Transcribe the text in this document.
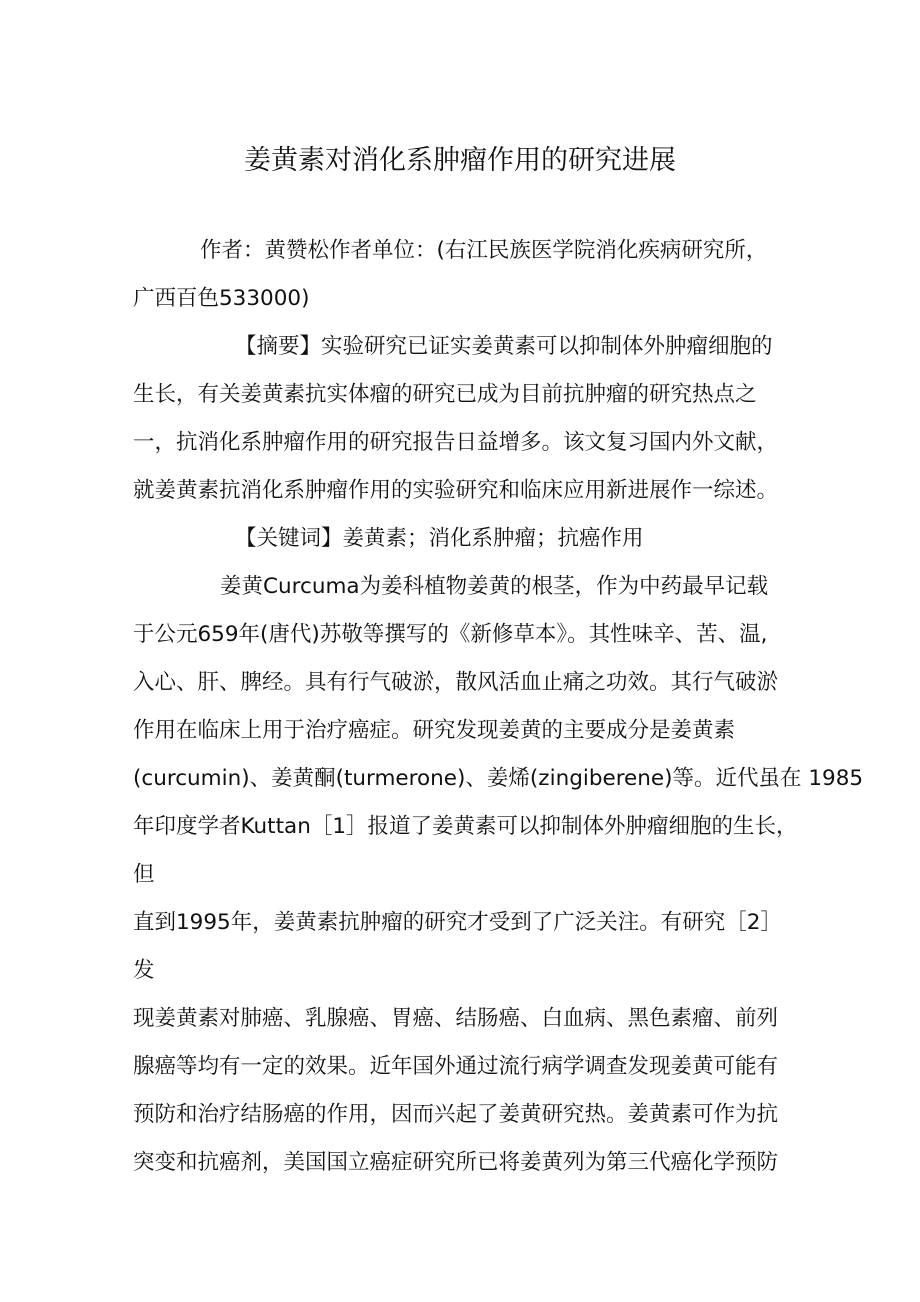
姜黄素对消化系肿瘤作用的研究进展
作者：黄赞松作者单位：(右江民族医学院消化疾病研究所，
广西百色533000)
【摘要】实验研究已证实姜黄素可以抑制体外肿瘤细胞的
生长，有关姜黄素抗实体瘤的研究已成为目前抗肿瘤的研究热点之
一，抗消化系肿瘤作用的研究报告日益增多。该文复习国内外文献，
就姜黄素抗消化系肿瘤作用的实验研究和临床应用新进展作一综述。
【关键词】姜黄素；消化系肿瘤；抗癌作用
姜黄Curcuma为姜科植物姜黄的根茎，作为中药最早记载
于公元659年(唐代)苏敬等撰写的《新修草本》。其性味辛、苦、温,
入心、肝、脾经。具有行气破淤，散风活血止痛之功效。其行气破淤
作用在临床上用于治疗癌症。研究发现姜黄的主要成分是姜黄素
(curcumin)、姜黄酮(turmerone)、姜烯(zingiberene)等。近代虽在 1985
年印度学者Kuttan［1］报道了姜黄素可以抑制体外肿瘤细胞的生长，
但
直到1995年，姜黄素抗肿瘤的研究才受到了广泛关注。有研究［2］
发
现姜黄素对肺癌、乳腺癌、胃癌、结肠癌、白血病、黑色素瘤、前列
腺癌等均有一定的效果。近年国外通过流行病学调查发现姜黄可能有
预防和治疗结肠癌的作用，因而兴起了姜黄研究热。姜黄素可作为抗
突变和抗癌剂，美国国立癌症研究所已将姜黄列为第三代癌化学预防
